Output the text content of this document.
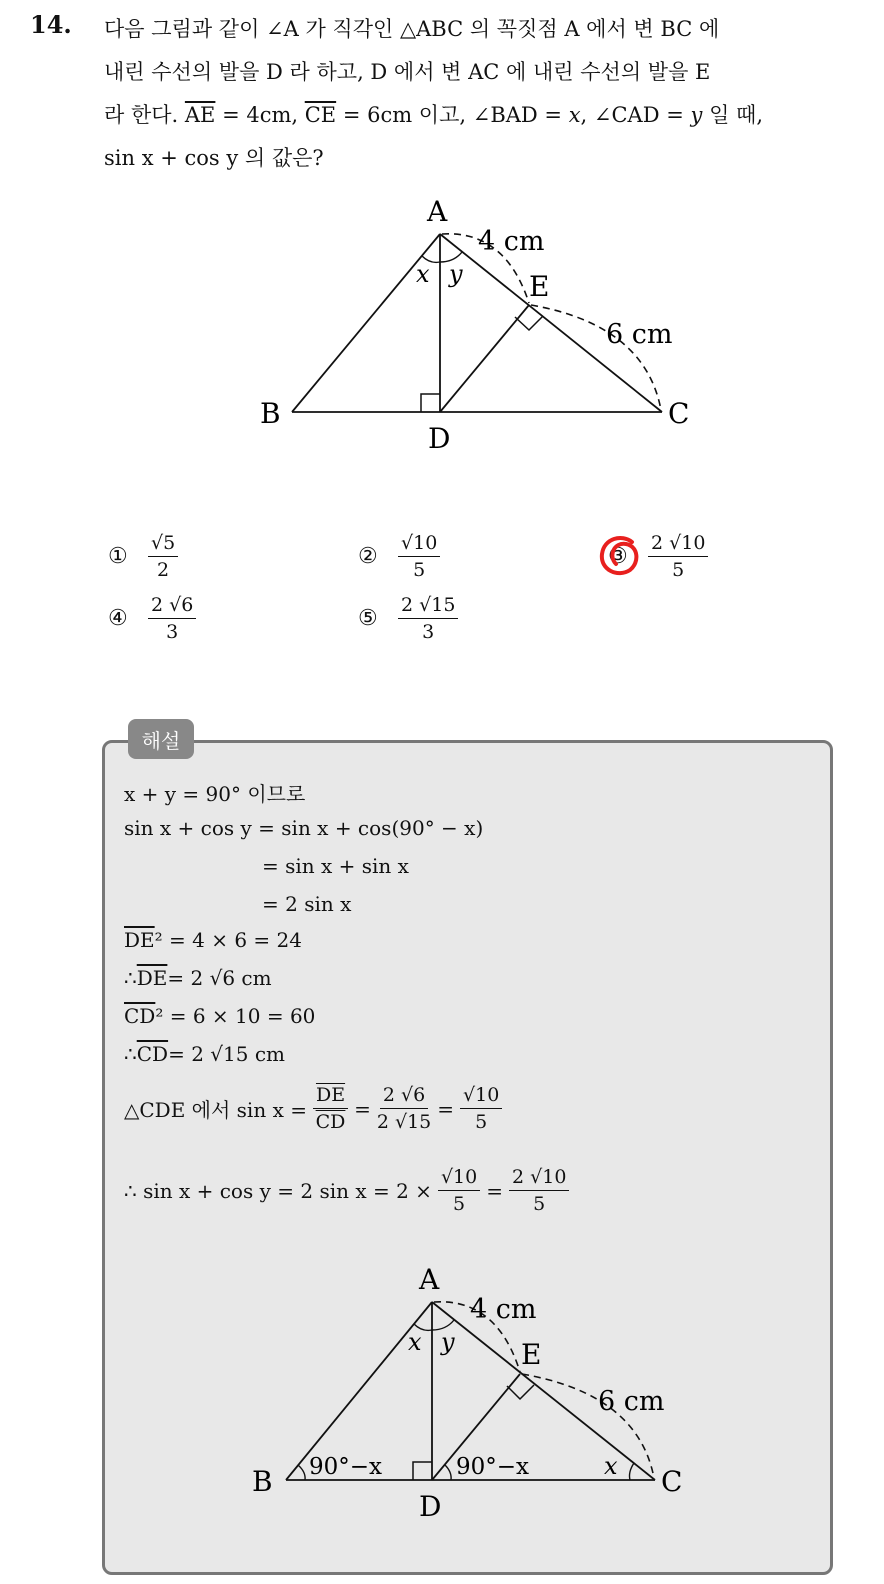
14. 다음 그림과 같이 ∠A 가 직각인 △ABC 의 꼭짓점 A 에서 변 BC 에
내린 수선의 발을 D 라 하고, D 에서 변 AC 에 내린 수선의 발을 E
라 한다. $\overline{AE} = 4cm$, $\overline{CE} = 6cm$ 이고, ∠BAD = x, ∠CAD = y 일 때,
sin x + cos y 의 값은?
A
B	C
D
E
4 cm
6 cm
x y
①	$\frac{√5}{2}$	②	$\frac{√10}{5}$	③	$\frac{2 √10}{5}$
④	$\frac{2 √6}{3}$	⑤	$\frac{2 √15}{3}$
해설
x + y = 90° 이므로
sin x + cos y = sin x + cos(90° − x)
= sin x + sin x
= 2 sin x
$\overline{DE}$ ² = 4 × 6 = 24
∴ $\overline{DE} = 2$ √6 cm
$\overline{CD}$ ² = 6 × 10 = 60
∴ $\overline{CD} = 2$ √15 cm
△CDE 에서 $\sin x = \frac{\overline{DE}}{CD} = \frac{2 √6}{2 √15} = \frac{√10}{5}$
∴ sin x + cos y = 2 $\sin x = 2 \times \frac{√10}{5} = \frac{2 √10}{5}$
A
B	C
D
E
4 cm
6 cm
x y
90°−x	90°−x	x
